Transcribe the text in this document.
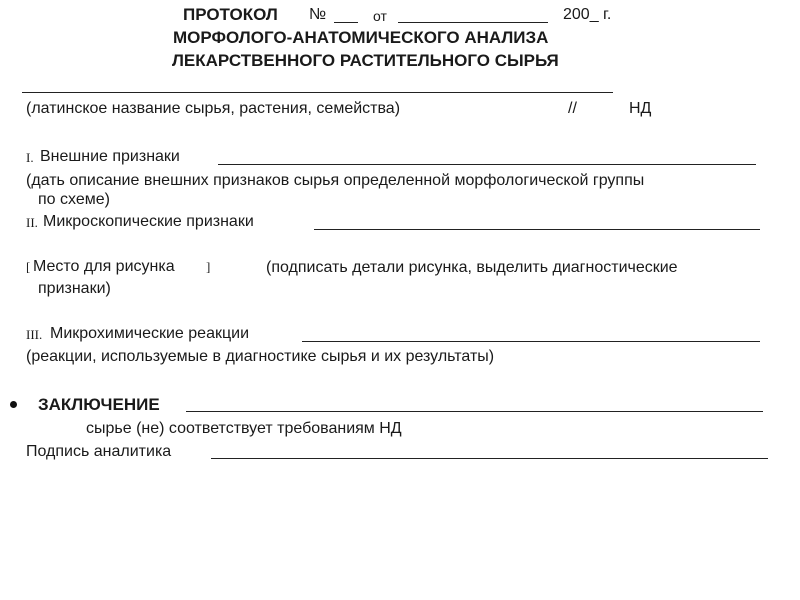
ПРОТОКОЛ №	от	200_ г.
МОРФОЛОГО-АНАТОМИЧЕСКОГО АНАЛИЗА
ЛЕКАРСТВЕННОГО РАСТИТЕЛЬНОГО СЫРЬЯ
(латинское название сырья, растения, семейства)	//	НД
I. Внешние признаки
(дать описание внешних признаков сырья определенной морфологической группы
по схеме)
II. Микроскопические признаки
[ Место для рисунка ]	(подписать детали рисунка, выделить диагностические
признаки)
III. Микрохимические реакции
(реакции, используемые в диагностике сырья и их результаты)
ЗАКЛЮЧЕНИЕ
сырье (не) соответствует требованиям НД
Подпись аналитика
